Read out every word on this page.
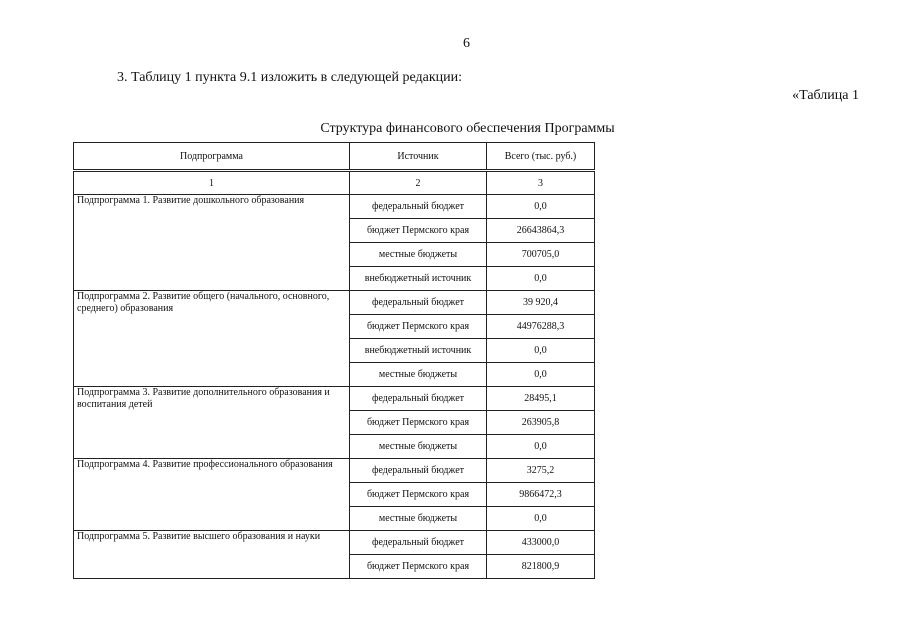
6
3. Таблицу 1 пункта 9.1 изложить в следующей редакции:
«Таблица 1
Структура финансового обеспечения Программы
Подпрограмма	Источник	Всего (тыс. руб.)
1	2	3
Подпрограмма 1. Развитие дошкольного образования	федеральный бюджет	0,0
	бюджет Пермского края	26643864,3
	местные бюджеты	700705,0
	внебюджетный источник	0,0
Подпрограмма 2. Развитие общего (начального, основного, среднего) образования	федеральный бюджет	39 920,4
	бюджет Пермского края	44976288,3
	внебюджетный источник	0,0
	местные бюджеты	0,0
Подпрограмма 3. Развитие дополнительного образования и воспитания детей	федеральный бюджет	28495,1
	бюджет Пермского края	263905,8
	местные бюджеты	0,0
Подпрограмма 4. Развитие профессионального образования	федеральный бюджет	3275,2
	бюджет Пермского края	9866472,3
	местные бюджеты	0,0
Подпрограмма 5. Развитие высшего образования и науки	федеральный бюджет	433000,0
	бюджет Пермского края	821800,9
